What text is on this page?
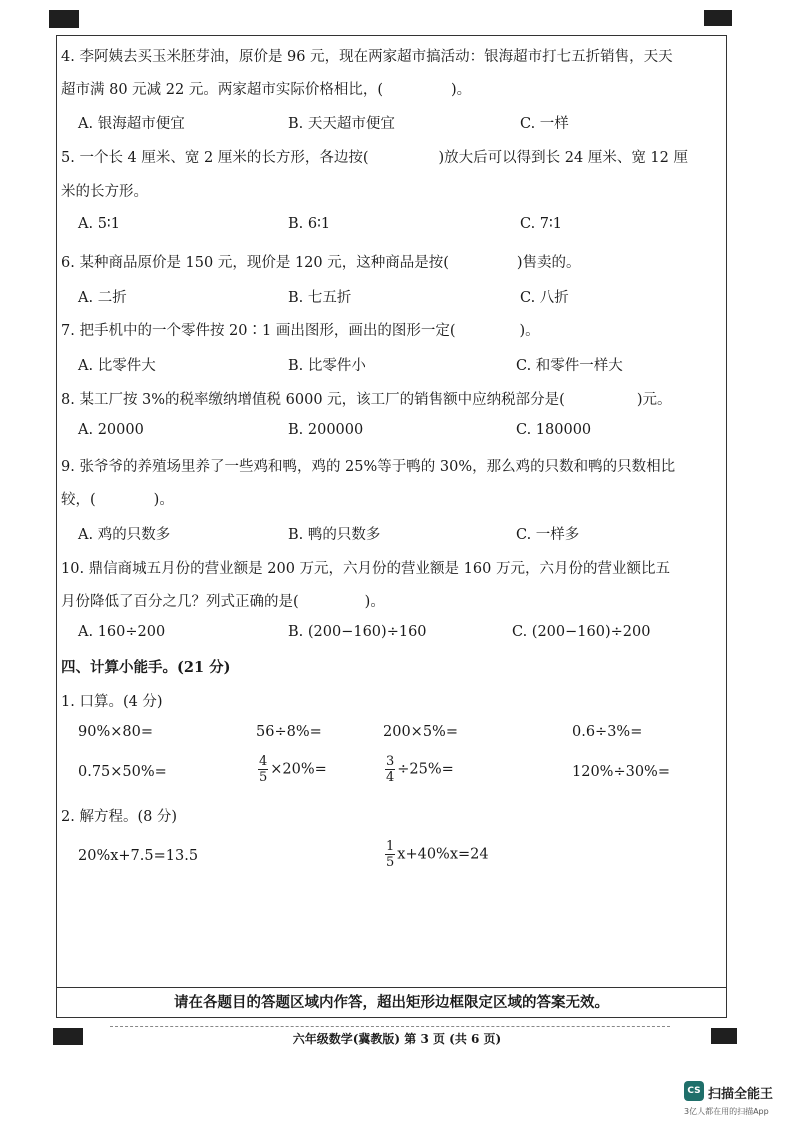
请在各题目的答题区域内作答，超出矩形边框限定区域的答案无效。
4. 李阿姨去买玉米胚芽油，原价是 96 元，现在两家超市搞活动：银海超市打七五折销售，天天
超市满 80 元减 22 元。两家超市实际价格相比，(	)。
A. 银海超市便宜	B. 天天超市便宜	C. 一样
5. 一个长 4 厘米、宽 2 厘米的长方形，各边按(	)放大后可以得到长 24 厘米、宽 12 厘
米的长方形。
A. 5∶1	B. 6∶1	C. 7∶1
6. 某种商品原价是 150 元，现价是 120 元，这种商品是按(	)售卖的。
A. 二折	B. 七五折	C. 八折
7. 把手机中的一个零件按 20∶1 画出图形，画出的图形一定(	)。
A. 比零件大	B. 比零件小	C. 和零件一样大
8. 某工厂按 3%的税率缴纳增值税 6000 元，该工厂的销售额中应纳税部分是(	)元。
A. 20000	B. 200000	C. 180000
9. 张爷爷的养殖场里养了一些鸡和鸭，鸡的 25%等于鸭的 30%，那么鸡的只数和鸭的只数相比
较，(	)。
A. 鸡的只数多	B. 鸭的只数多	C. 一样多
10. 鼎信商城五月份的营业额是 200 万元，六月份的营业额是 160 万元，六月份的营业额比五
月份降低了百分之几？列式正确的是(	)。
A. 160÷200	B. (200−160)÷160	C. (200−160)÷200
四、计算小能手。(21 分)
1. 口算。(4 分)
90%×80=	56÷8%=	200×5%=	0.6÷3%=
0.75×50%=	$\frac{4}{5} \times 20\%=$	$\frac{3}{4} \div 25\%=$	120%÷30%=
2. 解方程。(8 分)
20%x+7.5=13.5	$\frac{1}{5} x+40\%x=24$
六年级数学(冀教版) 第 3 页 (共 6 页)
CS 扫描全能王
3亿人都在用的扫描App
